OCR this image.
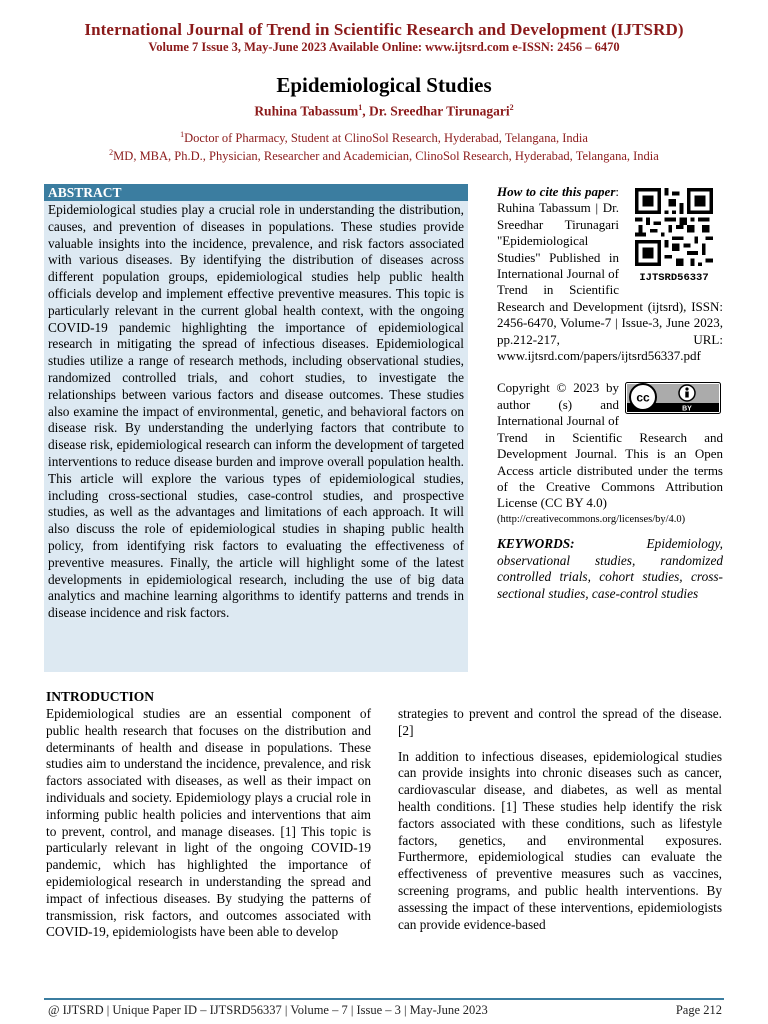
International Journal of Trend in Scientific Research and Development (IJTSRD)
Volume 7 Issue 3, May-June 2023 Available Online: www.ijtsrd.com e-ISSN: 2456 – 6470
Epidemiological Studies
Ruhina Tabassum$^1$, Dr. Sreedhar Tirunagari$^2$
$^1$Doctor of Pharmacy, Student at ClinoSol Research, Hyderabad, Telangana, India
$^2$MD, MBA, Ph.D., Physician, Researcher and Academician, ClinoSol Research, Hyderabad, Telangana, India
ABSTRACT
Epidemiological studies play a crucial role in understanding the distribution, causes, and prevention of diseases in populations. These studies provide valuable insights into the incidence, prevalence, and risk factors associated with various diseases. By identifying the distribution of diseases across different population groups, epidemiological studies help public health officials develop and implement effective preventive measures. This topic is particularly relevant in the current global health context, with the ongoing COVID-19 pandemic highlighting the importance of epidemiological research in mitigating the spread of infectious diseases. Epidemiological studies utilize a range of research methods, including observational studies, randomized controlled trials, and cohort studies, to investigate the relationships between various factors and disease outcomes. These studies also examine the impact of environmental, genetic, and behavioral factors on disease risk. By understanding the underlying factors that contribute to disease risk, epidemiological research can inform the development of targeted interventions to reduce disease burden and improve overall population health. This article will explore the various types of epidemiological studies, including cross-sectional studies, case-control studies, and prospective studies, as well as the advantages and limitations of each approach. It will also discuss the role of epidemiological studies in shaping public health policy, from identifying risk factors to evaluating the effectiveness of preventive measures. Finally, the article will highlight some of the latest developments in epidemiological research, including the use of big data analytics and machine learning algorithms to identify patterns and trends in disease incidence and risk factors.
IJTSRD56337
How to cite this paper: Ruhina Tabassum | Dr. Sreedhar Tirunagari "Epidemiological Studies" Published in International Journal of Trend in Scientific Research and Development (ijtsrd), ISSN: 2456-6470, Volume-7 | Issue-3, June 2023, pp.212-217, URL: www.ijtsrd.com/papers/ijtsrd56337.pdf
cc
BY
Copyright © 2023 by author (s) and International Journal of Trend in Scientific Research and Development Journal. This is an Open Access article distributed under the terms of the Creative Commons Attribution License (CC BY 4.0)
(http://creativecommons.org/licenses/by/4.0)
KEYWORDS:	Epidemiology, observational studies, randomized controlled trials, cohort studies, cross-sectional studies, case-control studies
INTRODUCTION
Epidemiological studies are an essential component of public health research that focuses on the distribution and determinants of health and disease in populations. These studies aim to understand the incidence, prevalence, and risk factors associated with diseases, as well as their impact on individuals and society. Epidemiology plays a crucial role in informing public health policies and interventions that aim to prevent, control, and manage diseases. [1] This topic is particularly relevant in light of the ongoing COVID-19 pandemic, which has highlighted the importance of epidemiological research in understanding the spread and impact of infectious diseases. By studying the patterns of transmission, risk factors, and outcomes associated with COVID-19, epidemiologists have been able to develop

strategies to prevent and control the spread of the disease. [2]

In addition to infectious diseases, epidemiological studies can provide insights into chronic diseases such as cancer, cardiovascular disease, and diabetes, as well as mental health conditions. [1] These studies help identify the risk factors associated with these conditions, such as lifestyle factors, genetics, and environmental exposures. Furthermore, epidemiological studies can evaluate the effectiveness of preventive measures such as vaccines, screening programs, and public health interventions. By assessing the impact of these interventions, epidemiologists can provide evidence-based

@ IJTSRD | Unique Paper ID – IJTSRD56337 | Volume – 7 | Issue – 3 | May-June 2023	Page 212
